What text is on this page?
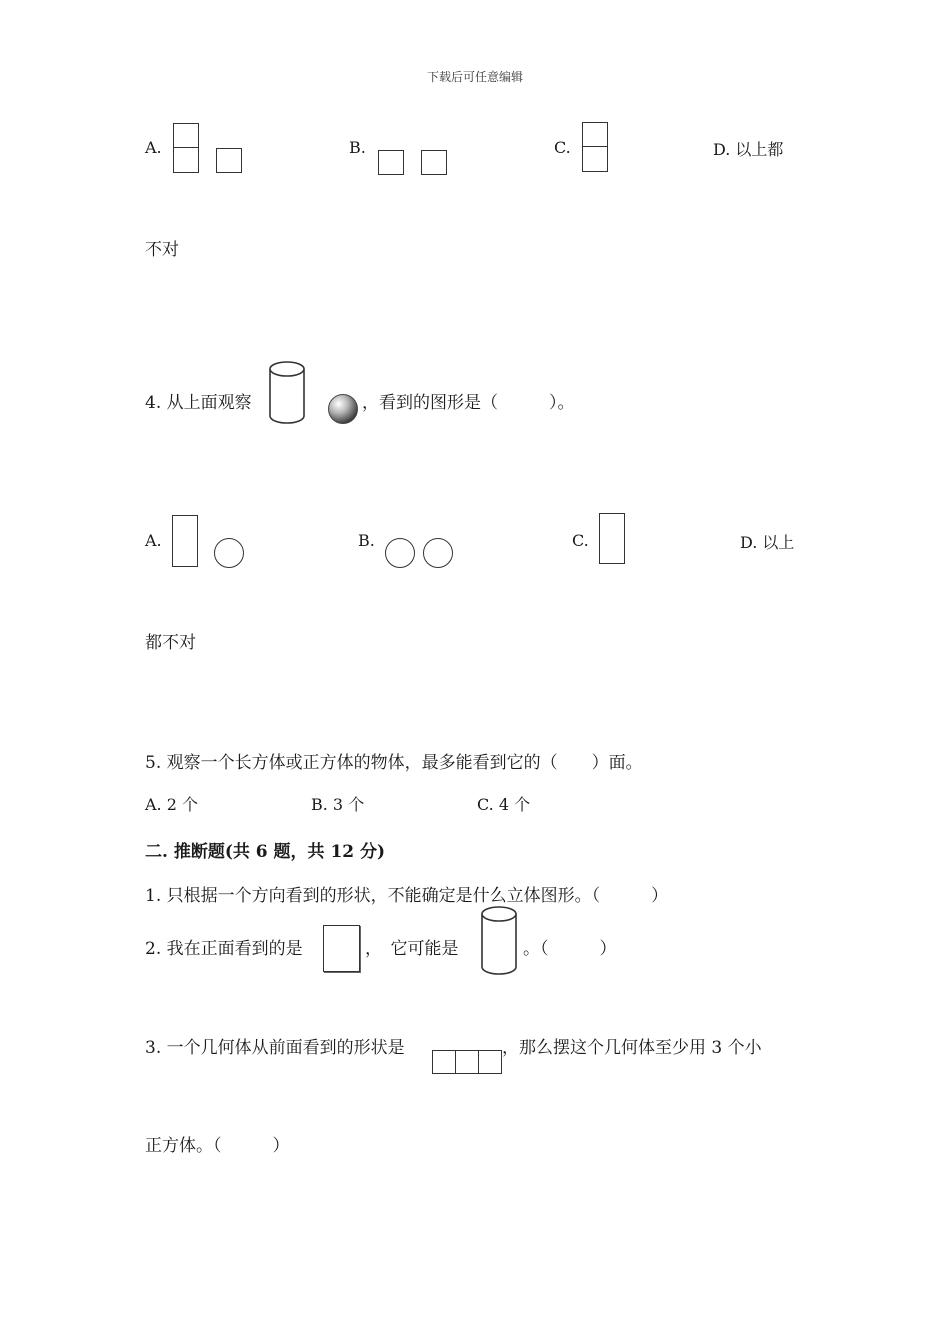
下载后可任意编辑
A.	B.	C.	D. 以上都
不对
4. 从上面观察	，看到的图形是（　　　）。
A.	B.	C.	D. 以上
都不对
5. 观察一个长方体或正方体的物体，最多能看到它的（　　）面。
A. 2 个	B. 3 个	C. 4 个
二. 推断题(共 6 题，共 12 分)
1. 只根据一个方向看到的形状，不能确定是什么立体图形。（　　　）
2. 我在正面看到的是	，　它可能是	。（　　　）
3. 一个几何体从前面看到的形状是	，那么摆这个几何体至少用 3 个小
正方体。（　　　）
